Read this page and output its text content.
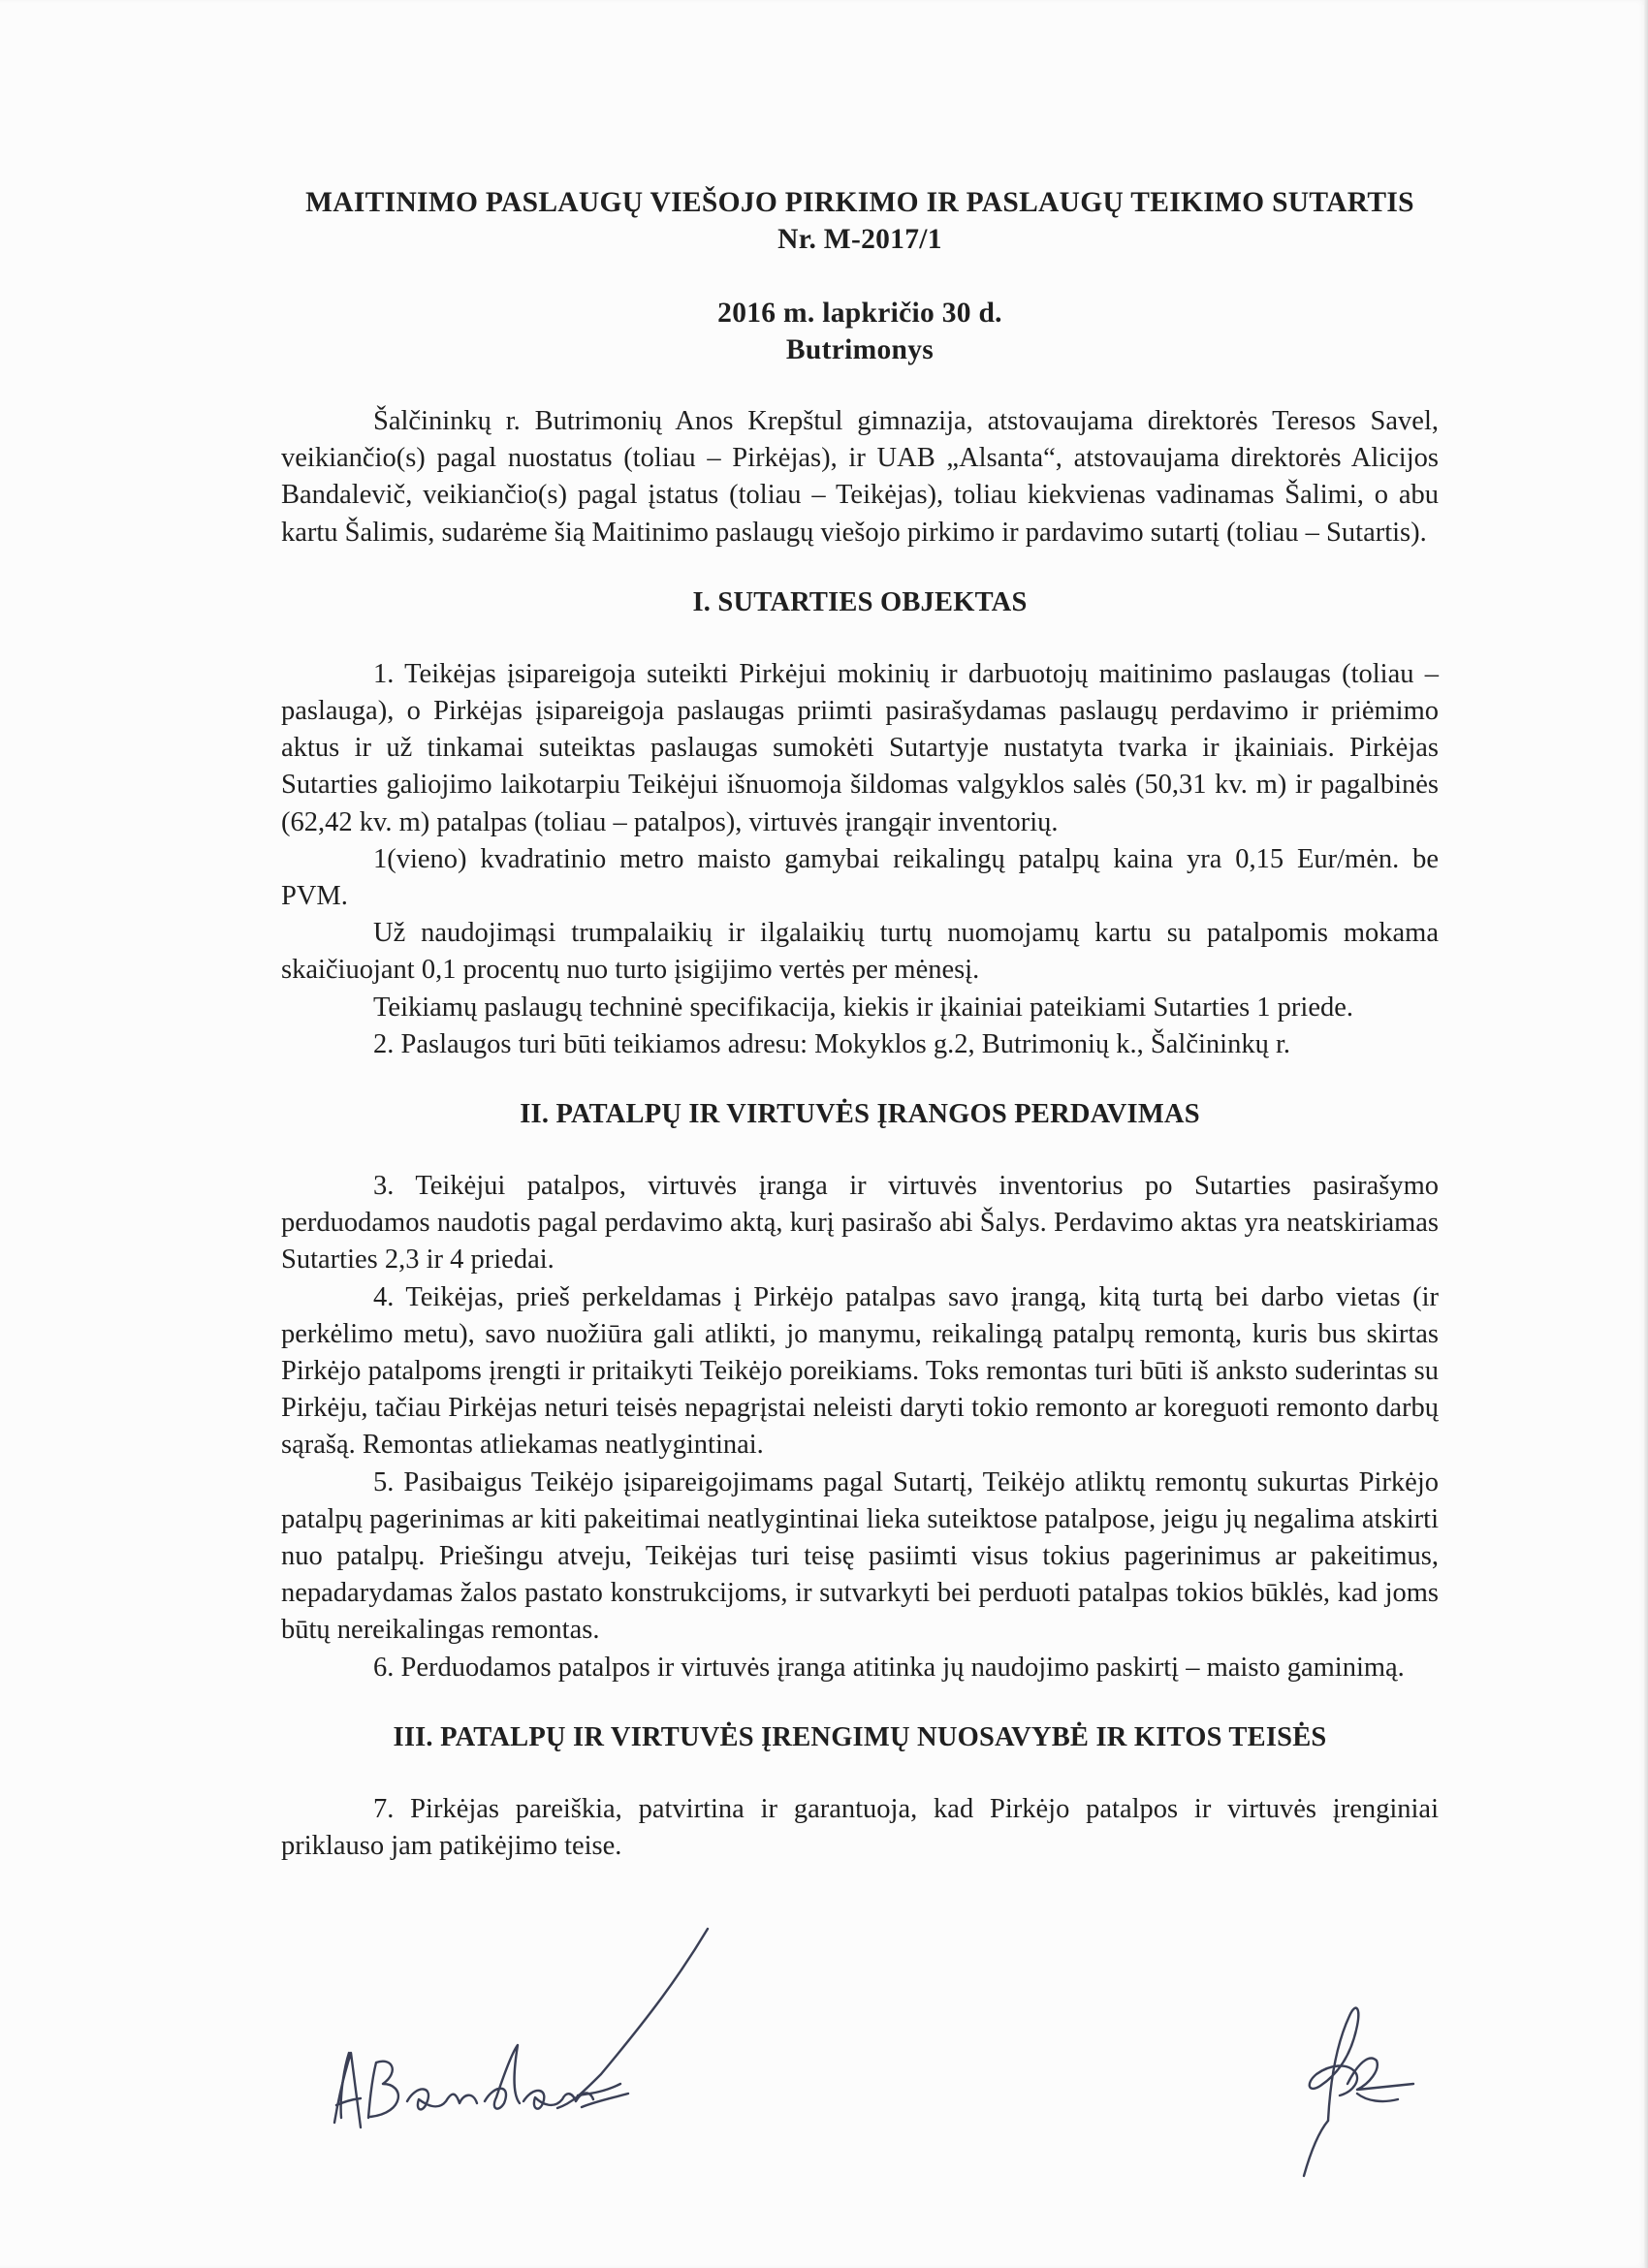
MAITINIMO PASLAUGŲ VIEŠOJO PIRKIMO IR PASLAUGŲ TEIKIMO SUTARTIS

Nr. M-2017/1

2016 m. lapkričio 30 d.

Butrimonys

Šalčininkų r. Butrimonių Anos Krepštul gimnazija, atstovaujama direktorės Teresos Savel, veikiančio(s) pagal nuostatus (toliau – Pirkėjas), ir UAB „Alsanta“, atstovaujama direktorės Alicijos Bandalevič, veikiančio(s) pagal įstatus (toliau – Teikėjas), toliau kiekvienas vadinamas Šalimi, o abu kartu Šalimis, sudarėme šią Maitinimo paslaugų viešojo pirkimo ir pardavimo sutartį (toliau – Sutartis).

I. SUTARTIES OBJEKTAS

1. Teikėjas įsipareigoja suteikti Pirkėjui mokinių ir darbuotojų maitinimo paslaugas (toliau – paslauga), o Pirkėjas įsipareigoja paslaugas priimti pasirašydamas paslaugų perdavimo ir priėmimo aktus ir už tinkamai suteiktas paslaugas sumokėti Sutartyje nustatyta tvarka ir įkainiais. Pirkėjas Sutarties galiojimo laikotarpiu Teikėjui išnuomoja šildomas valgyklos salės (50,31 kv. m) ir pagalbinės (62,42 kv. m) patalpas (toliau – patalpos), virtuvės įrangąir inventorių.

1(vieno) kvadratinio metro maisto gamybai reikalingų patalpų kaina yra 0,15 Eur/mėn. be PVM.

Už naudojimąsi trumpalaikių ir ilgalaikių turtų nuomojamų kartu su patalpomis mokama skaičiuojant 0,1 procentų nuo turto įsigijimo vertės per mėnesį.

Teikiamų paslaugų techninė specifikacija, kiekis ir įkainiai pateikiami Sutarties 1 priede.

2. Paslaugos turi būti teikiamos adresu: Mokyklos g.2, Butrimonių k., Šalčininkų r.

II. PATALPŲ IR VIRTUVĖS ĮRANGOS PERDAVIMAS

3. Teikėjui patalpos, virtuvės įranga ir virtuvės inventorius po Sutarties pasirašymo perduodamos naudotis pagal perdavimo aktą, kurį pasirašo abi Šalys. Perdavimo aktas yra neatskiriamas Sutarties 2,3 ir 4 priedai.

4. Teikėjas, prieš perkeldamas į Pirkėjo patalpas savo įrangą, kitą turtą bei darbo vietas (ir perkėlimo metu), savo nuožiūra gali atlikti, jo manymu, reikalingą patalpų remontą, kuris bus skirtas Pirkėjo patalpoms įrengti ir pritaikyti Teikėjo poreikiams. Toks remontas turi būti iš anksto suderintas su Pirkėju, tačiau Pirkėjas neturi teisės nepagrįstai neleisti daryti tokio remonto ar koreguoti remonto darbų sąrašą. Remontas atliekamas neatlygintinai.

5. Pasibaigus Teikėjo įsipareigojimams pagal Sutartį, Teikėjo atliktų remontų sukurtas Pirkėjo patalpų pagerinimas ar kiti pakeitimai neatlygintinai lieka suteiktose patalpose, jeigu jų negalima atskirti nuo patalpų. Priešingu atveju, Teikėjas turi teisę pasiimti visus tokius pagerinimus ar pakeitimus, nepadarydamas žalos pastato konstrukcijoms, ir sutvarkyti bei perduoti patalpas tokios būklės, kad joms būtų nereikalingas remontas.

6. Perduodamos patalpos ir virtuvės įranga atitinka jų naudojimo paskirtį – maisto gaminimą.

III. PATALPŲ IR VIRTUVĖS ĮRENGIMŲ NUOSAVYBĖ IR KITOS TEISĖS

7. Pirkėjas pareiškia, patvirtina ir garantuoja, kad Pirkėjo patalpos ir virtuvės įrenginiai priklauso jam patikėjimo teise.
